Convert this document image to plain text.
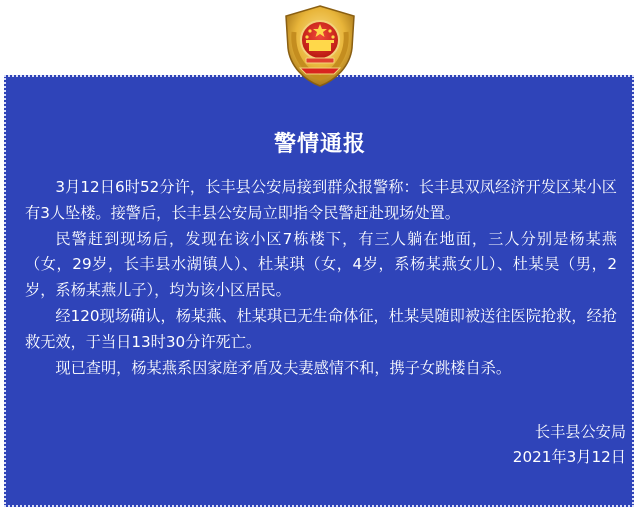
警情通报

3月12日6时52分许，长丰县公安局接到群众报警称：长丰县双凤经济开发区某小区有3人坠楼。接警后，长丰县公安局立即指令民警赶赴现场处置。

民警赶到现场后，发现在该小区7栋楼下，有三人躺在地面，三人分别是杨某燕（女，29岁，长丰县水湖镇人）、杜某琪（女，4岁，系杨某燕女儿）、杜某昊（男，2岁，系杨某燕儿子），均为该小区居民。

经120现场确认，杨某燕、杜某琪已无生命体征，杜某昊随即被送往医院抢救，经抢救无效，于当日13时30分许死亡。

现已查明，杨某燕系因家庭矛盾及夫妻感情不和，携子女跳楼自杀。

长丰县公安局
2021年3月12日
